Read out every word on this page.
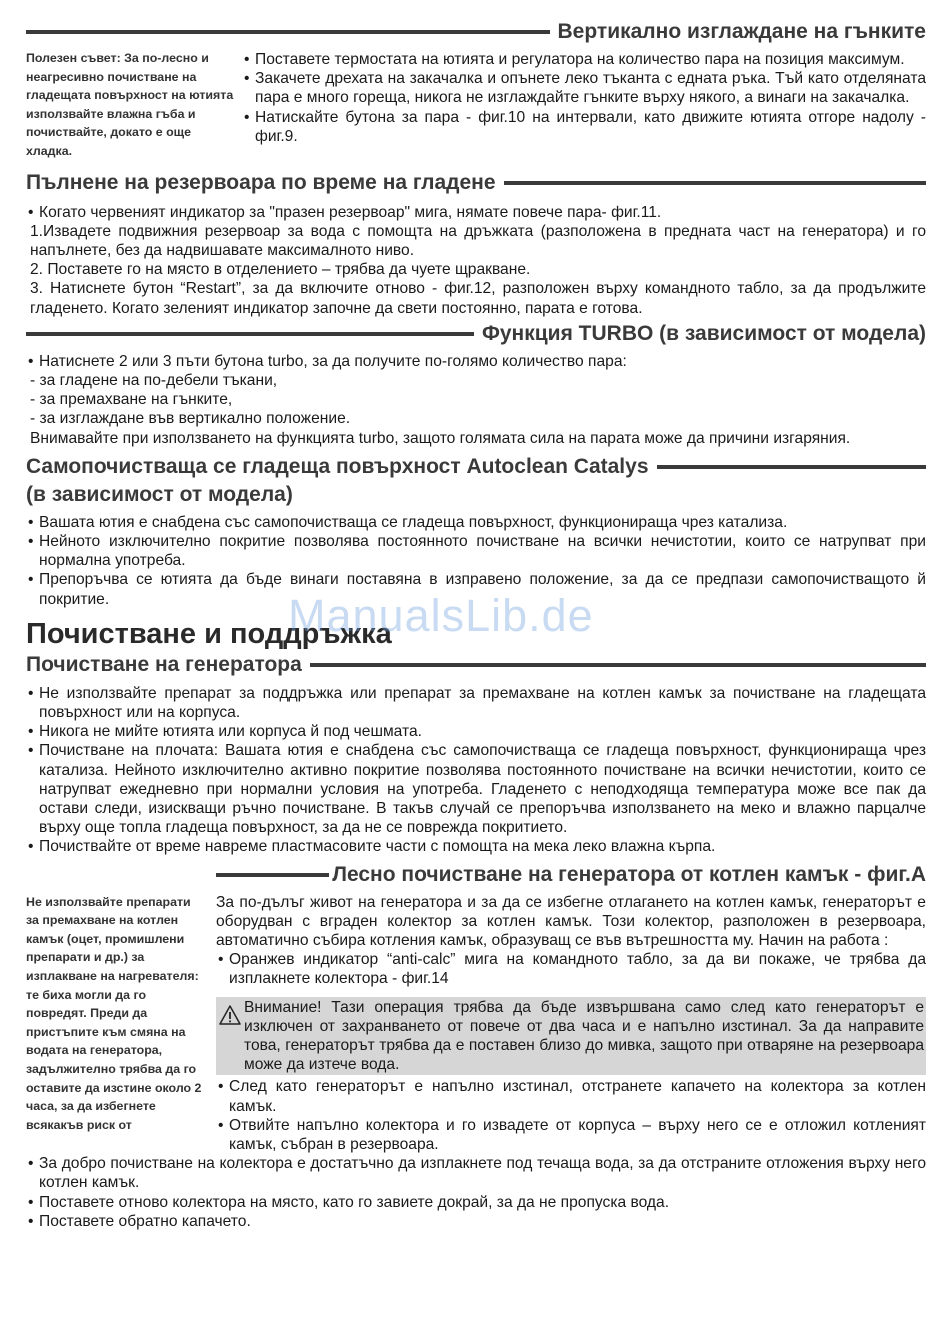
Вертикално изглаждане на гънките
Полезен съвет: За по-лесно и неагресивно почистване на гладещата повърхност на ютията използвайте влажна гъба и почиствайте, докато е още хладка.
• Поставете термостата на ютията и регулатора на количество пара на позиция максимум.
• Закачете дрехата на закачалка и опънете леко тъканта с едната ръка. Тъй като отделяната пара е много гореща, никога не изглаждайте гънките върху някого, а винаги на закачалка.
• Натискайте бутона за пара - фиг.10 на интервали, като движите ютията отгоре надолу - фиг.9.
Пълнене на резервоара по време на гладене
• Когато червеният индикатор за "празен резервоар" мига, нямате повече пара- фиг.11.
1.Извадете подвижния резервоар за вода с помощта на дръжката (разположена в предната част на генератора) и го напълнете, без да надвишавате максималното ниво.
2. Поставете го на място в отделението – трябва да чуете щракване.
3. Натиснете бутон “Restart”, за да включите отново - фиг.12, разположен върху командното табло, за да продължите гладенето. Когато зеленият индикатор започне да свети постоянно, парата е готова.
Функция TURBO (в зависимост от модела)
• Натиснете 2 или 3 пъти бутона turbo, за да получите по-голямо количество пара:
- за гладене на по-дебели тъкани,
- за премахване на гънките,
- за изглаждане във вертикално положение.
Внимавайте при използването на функцията turbo, защото голямата сила на парата може да причини изгаряния.
Самопочистваща се гладеща повърхност Autoclean Catalys
(в зависимост от модела)
• Вашата ютия е снабдена със самопочистваща се гладеща повърхност, функционираща чрез катализа.
• Нейното изключително покритие позволява постоянното почистване на всички нечистотии, които се натрупват при нормална употреба.
• Препоръчва се ютията да бъде винаги поставяна в изправено положение, за да се предпази самопочистващото й покритие.
Почистване и поддръжка
Почистване на генератора
• Не използвайте препарат за поддръжка или препарат за премахване на котлен камък за почистване на гладещата повърхност или на корпуса.
• Никога не мийте ютията или корпуса й под чешмата.
• Почистване на плочата: Вашата ютия е снабдена със самопочистваща се гладеща повърхност, функционираща чрез катализа. Нейното изключително активно покритие позволява постоянното почистване на всички нечистотии, които се натрупват ежедневно при нормални условия на употреба. Гладенето с неподходяща температура може все пак да остави следи, изискващи ръчно почистване. В такъв случай се препоръчва използването на меко и влажно парцалче върху още топла гладеща повърхност, за да не се поврежда покритието.
• Почиствайте от време навреме пластмасовите части с помощта на мека леко влажна кърпа.
Не използвайте препарати за премахване на котлен камък (оцет, промишлени препарати и др.) за изплакване на нагревателя: те биха могли да го повредят. Преди да пристъпите към смяна на водата на генератора, задължително трябва да го оставите да изстине около 2 часа, за да избегнете всякакъв риск от
Лесно почистване на генератора от котлен камък - фиг.A
За по-дълъг живот на генератора и за да се избегне отлагането на котлен камък, генераторът е оборудван с вграден колектор за котлен камък. Този колектор, разположен в резервоара, автоматично събира котления камък, образуващ се във вътрешността му. Начин на работа :
• Оранжев индикатор “anti-calc” мига на командното табло, за да ви покаже, че трябва да изплакнете колектора - фиг.14
Внимание! Тази операция трябва да бъде извършвана само след като генераторът е изключен от захранването от повече от два часа и е напълно изстинал. За да направите това, генераторът трябва да е поставен близо до мивка, защото при отваряне на резервоара може да изтече вода.
• След като генераторът е напълно изстинал, отстранете капачето на колектора за котлен камък.
• Отвийте напълно колектора и го извадете от корпуса – върху него се е отложил котленият камък, събран в резервоара.
• За добро почистване на колектора е достатъчно да изплакнете под течаща вода, за да отстраните отложения върху него котлен камък.
• Поставете отново колектора на място, като го завиете докрай, за да не пропуска вода.
• Поставете обратно капачето.
ManualsLib.de
